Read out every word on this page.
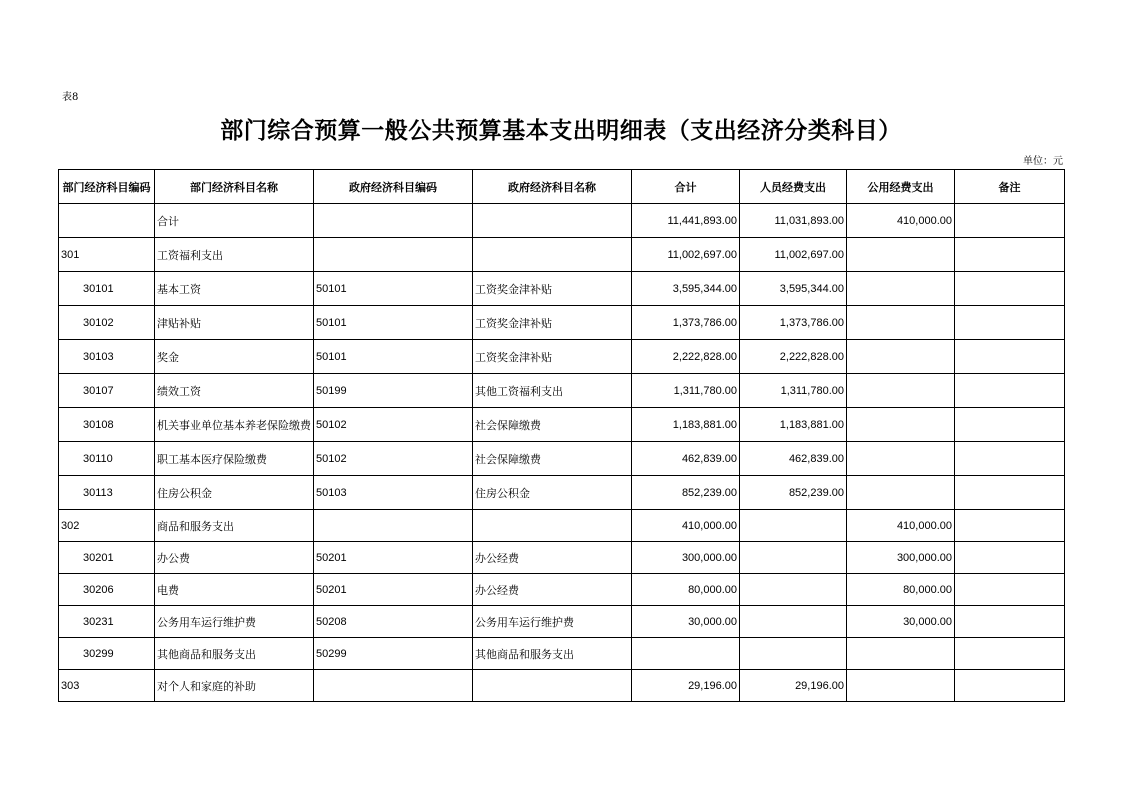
表8
部门综合预算一般公共预算基本支出明细表（支出经济分类科目）
单位：元
部门经济科目编码	部门经济科目名称	政府经济科目编码	政府经济科目名称	合计	人员经费支出	公用经费支出	备注
	合计			11,441,893.00	11,031,893.00	410,000.00	
301	工资福利支出			11,002,697.00	11,002,697.00		
30101	基本工资	50101	工资奖金津补贴	3,595,344.00	3,595,344.00		
30102	津贴补贴	50101	工资奖金津补贴	1,373,786.00	1,373,786.00		
30103	奖金	50101	工资奖金津补贴	2,222,828.00	2,222,828.00		
30107	绩效工资	50199	其他工资福利支出	1,311,780.00	1,311,780.00		
30108	机关事业单位基本养老保险缴费	50102	社会保障缴费	1,183,881.00	1,183,881.00		
30110	职工基本医疗保险缴费	50102	社会保障缴费	462,839.00	462,839.00		
30113	住房公积金	50103	住房公积金	852,239.00	852,239.00		
302	商品和服务支出			410,000.00		410,000.00	
30201	办公费	50201	办公经费	300,000.00		300,000.00	
30206	电费	50201	办公经费	80,000.00		80,000.00	
30231	公务用车运行维护费	50208	公务用车运行维护费	30,000.00		30,000.00	
30299	其他商品和服务支出	50299	其他商品和服务支出				
303	对个人和家庭的补助			29,196.00	29,196.00		
